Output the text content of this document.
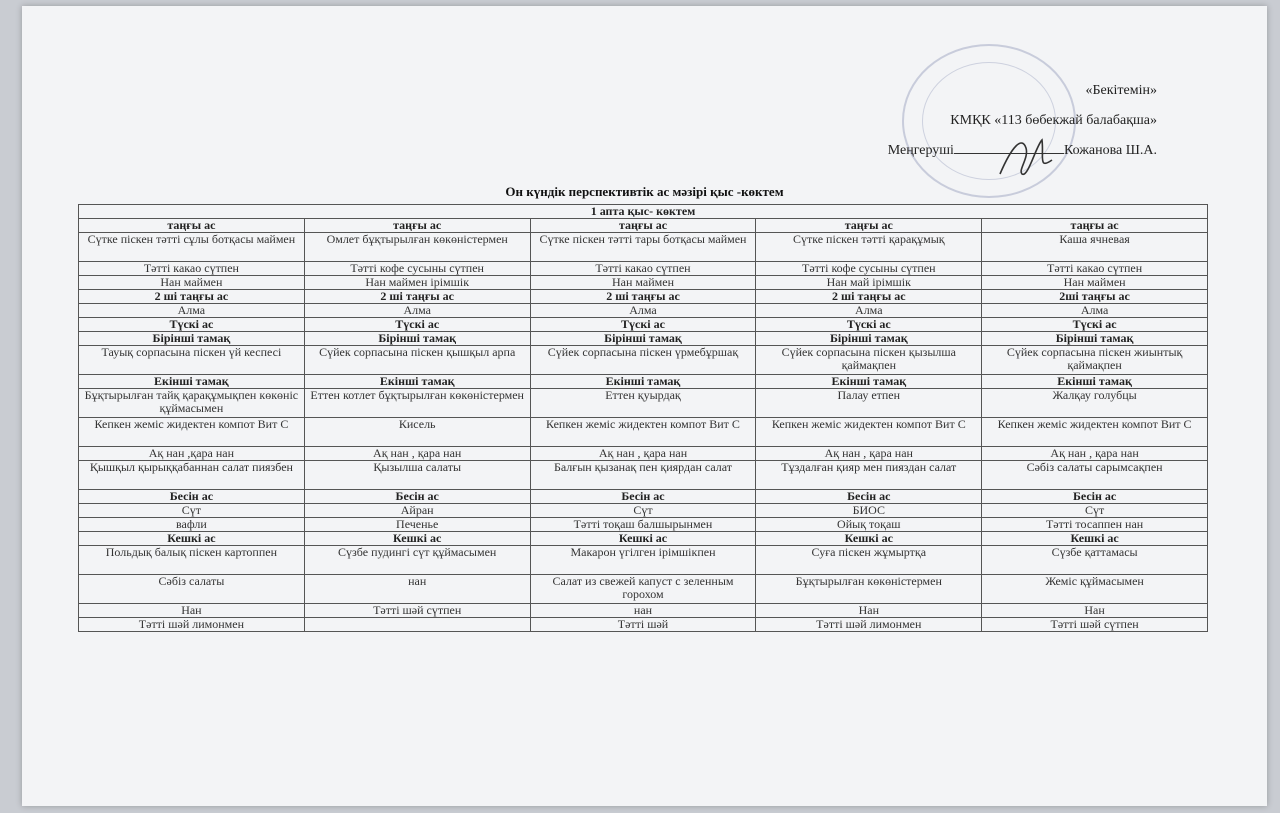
«Бекітемін»
КМҚК «113 бөбекжай балабақша»
Меңгеруші	Кожанова Ш.А.
Он күндік перспективтік ас мәзірі қыс -көктем
1 апта қыс- көктем				
таңғы ас	таңғы ас	таңғы ас	таңғы ас	таңғы ас
Сүтке піскен тәтті сұлы ботқасы маймен	Омлет бұқтырылған көкөністермен	Сүтке піскен тәтті тары ботқасы маймен	Сүтке піскен тәтті қарақұмық	Каша ячневая
Тәтті какао сүтпен	Тәтті кофе сусыны сүтпен	Тәтті какао сүтпен	Тәтті кофе сусыны сүтпен	Тәтті какао сүтпен
Нан маймен	Нан маймен ірімшік	Нан маймен	Нан май ірімшік	Нан маймен
2 ші таңғы ас	2 ші таңғы ас	2 ші таңғы ас	2 ші таңғы ас	2ші таңғы ас
Алма	Алма	Алма	Алма	Алма
Түскі ас	Түскі ас	Түскі ас	Түскі ас	Түскі ас
Бірінші тамақ	Бірінші тамақ	Бірінші тамақ	Бірінші тамақ	Бірінші тамақ
Тауық сорпасына піскен үй кеспесі	Сүйек сорпасына піскен қышқыл арпа	Сүйек сорпасына піскен үрмебұршақ	Сүйек сорпасына піскен қызылша қаймақпен	Сүйек сорпасына піскен жиынтық қаймақпен
Екінші тамақ	Екінші тамақ	Екінші тамақ	Екінші тамақ	Екінші тамақ
Бұқтырылған тайқ қарақұмықпен көкөніс құймасымен	Еттен котлет бұқтырылған көкөністермен	Еттен қуырдақ	Палау етпен	Жалқау голубцы
Кепкен жеміс жидектен компот Вит С	Кисель	Кепкен жеміс жидектен компот Вит С	Кепкен жеміс жидектен компот Вит С	Кепкен жеміс жидектен компот Вит С
Ақ нан ,қара нан	Ақ нан , қара нан	Ақ нан , қара нан	Ақ нан , қара нан	Ақ нан , қара нан
Қышқыл қырыққабаннан салат пиязбен	Қызылша салаты	Балғын қызанақ пен қиярдан салат	Тұздалған қияр мен пияздан салат	Сәбіз салаты сарымсақпен
Бесін ас	Бесін ас	Бесін ас	Бесін ас	Бесін ас
Сүт	Айран	Сүт	БИОС	Сүт
вафли	Печенье	Тәтті тоқаш балшырынмен	Ойық тоқаш	Тәтті тосаппен нан
Кешкі ас	Кешкі ас	Кешкі ас	Кешкі ас	Кешкі ас
Польдық балық піскен картоппен	Сүзбе пудингі сүт құймасымен	Макарон үгілген ірімшікпен	Суға піскен жұмыртқа	Сүзбе қаттамасы
Сәбіз салаты	нан	Салат из свежей капуст с зеленным горохом	Бұқтырылған көкөністермен	Жеміс құймасымен
Нан	Тәтті шәй сүтпен	нан	Нан	Нан
Тәтті шәй лимонмен		Тәтті шәй	Тәтті шәй лимонмен	Тәтті шәй сүтпен
